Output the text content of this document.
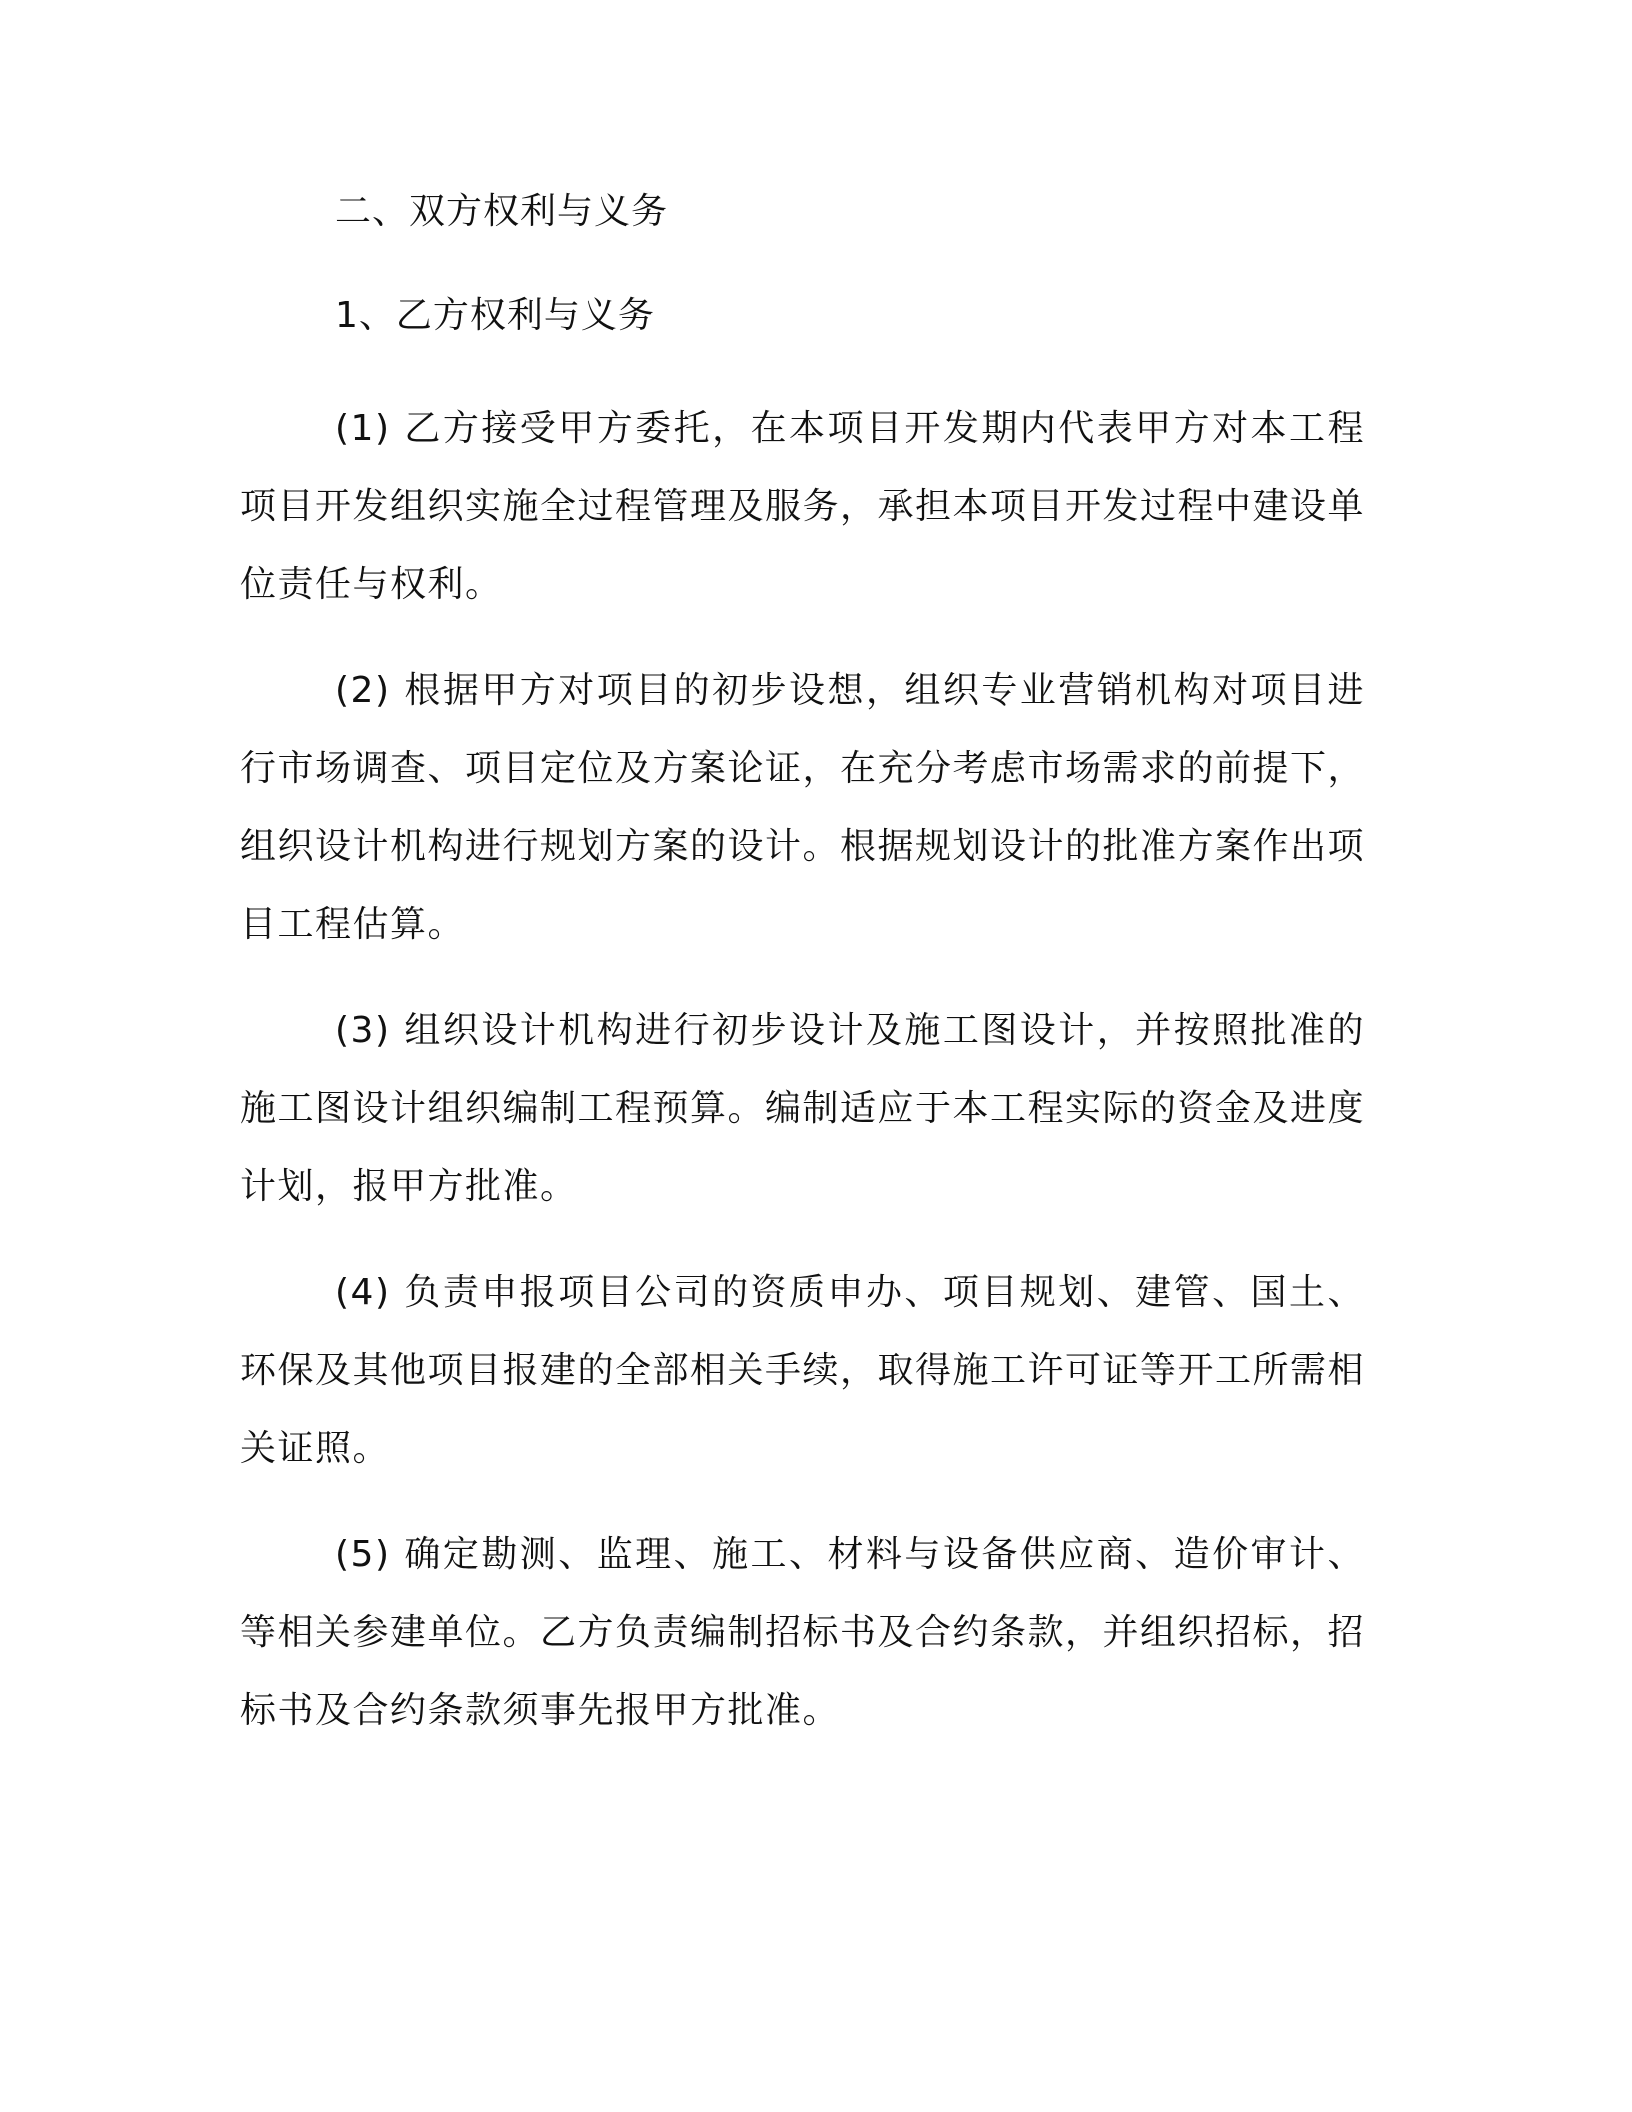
二、双方权利与义务
1、乙方权利与义务

(1) 乙方接受甲方委托，在本项目开发期内代表甲方对本工程项目开发组织实施全过程管理及服务，承担本项目开发过程中建设单位责任与权利。

(2) 根据甲方对项目的初步设想，组织专业营销机构对项目进行市场调查、项目定位及方案论证，在充分考虑市场需求的前提下，组织设计机构进行规划方案的设计。根据规划设计的批准方案作出项目工程估算。

(3) 组织设计机构进行初步设计及施工图设计，并按照批准的施工图设计组织编制工程预算。编制适应于本工程实际的资金及进度计划，报甲方批准。

(4) 负责申报项目公司的资质申办、项目规划、建管、国土、环保及其他项目报建的全部相关手续，取得施工许可证等开工所需相关证照。

(5) 确定勘测、监理、施工、材料与设备供应商、造价审计、等相关参建单位。乙方负责编制招标书及合约条款，并组织招标，招标书及合约条款须事先报甲方批准。
